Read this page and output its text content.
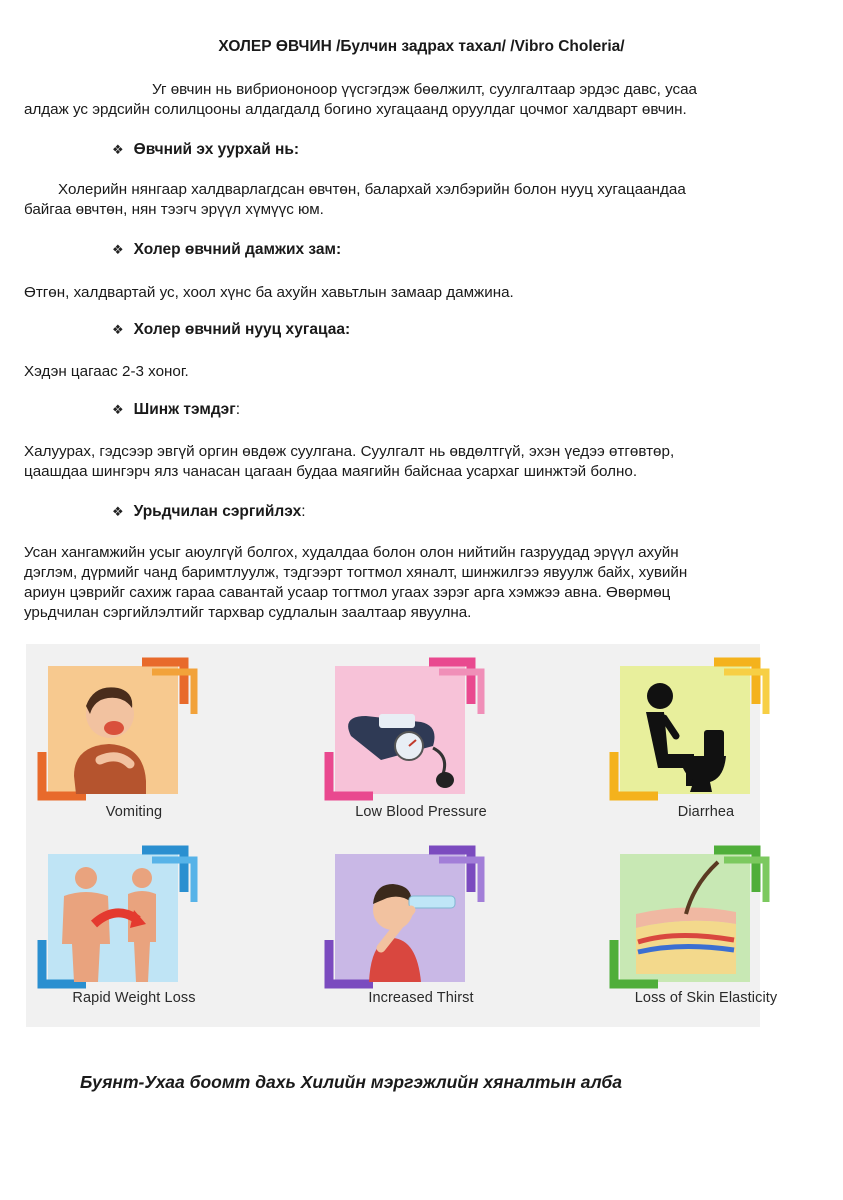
ХОЛЕР ӨВЧИН /Булчин задрах тахал/ /Vibro Choleria/

Уг өвчин нь вибриононоор үүсгэгдэж бөөлжилт, суулгалтаар эрдэс давс, усаа
алдаж ус эрдсийн солилцооны алдагдалд богино хугацаанд оруулдаг цочмог халдварт өвчин.

❖ Өвчний эх уурхай нь:

Холерийн нянгаар халдварлагдсан өвчтөн, балархай хэлбэрийн болон нууц хугацаандаа
байгаа өвчтөн, нян тээгч эрүүл хүмүүс юм.

❖ Холер өвчний дамжих зам:

Өтгөн, халдвартай ус, хоол хүнс ба ахуйн хавьтлын замаар дамжина.

❖ Холер өвчний нууц хугацаа:

Хэдэн цагаас 2-3 хоног.

❖ Шинж тэмдэг:

Халуурах, гэдсээр эвгүй оргин өвдөж суулгана. Суулгалт нь өвдөлтгүй, эхэн үедээ өтгөвтөр,
цаашдаа шингэрч ялз чанасан цагаан будаа маягийн байснаа усархаг шинжтэй болно.

❖ Урьдчилан сэргийлэх:

Усан хангамжийн усыг аюулгүй болгох, худалдаа болон олон нийтийн газруудад эрүүл ахуйн
дэглэм, дүрмийг чанд баримтлуулж, тэдгээрт тогтмол хяналт, шинжилгээ явуулж байх, хувийн
ариун цэврийг сахиж гараа савантай усаар тогтмол угаах зэрэг арга хэмжээ авна. Өвөрмөц
урьдчилан сэргийлэлтийг тархвар судлалын заалтаар явуулна.

Vomiting	Low Blood Pressure	Diarrhea
Rapid Weight Loss	Increased Thirst	Loss of Skin Elasticity

Буянт-Ухаа боомт дахь Хилийн мэргэжлийн хяналтын алба
